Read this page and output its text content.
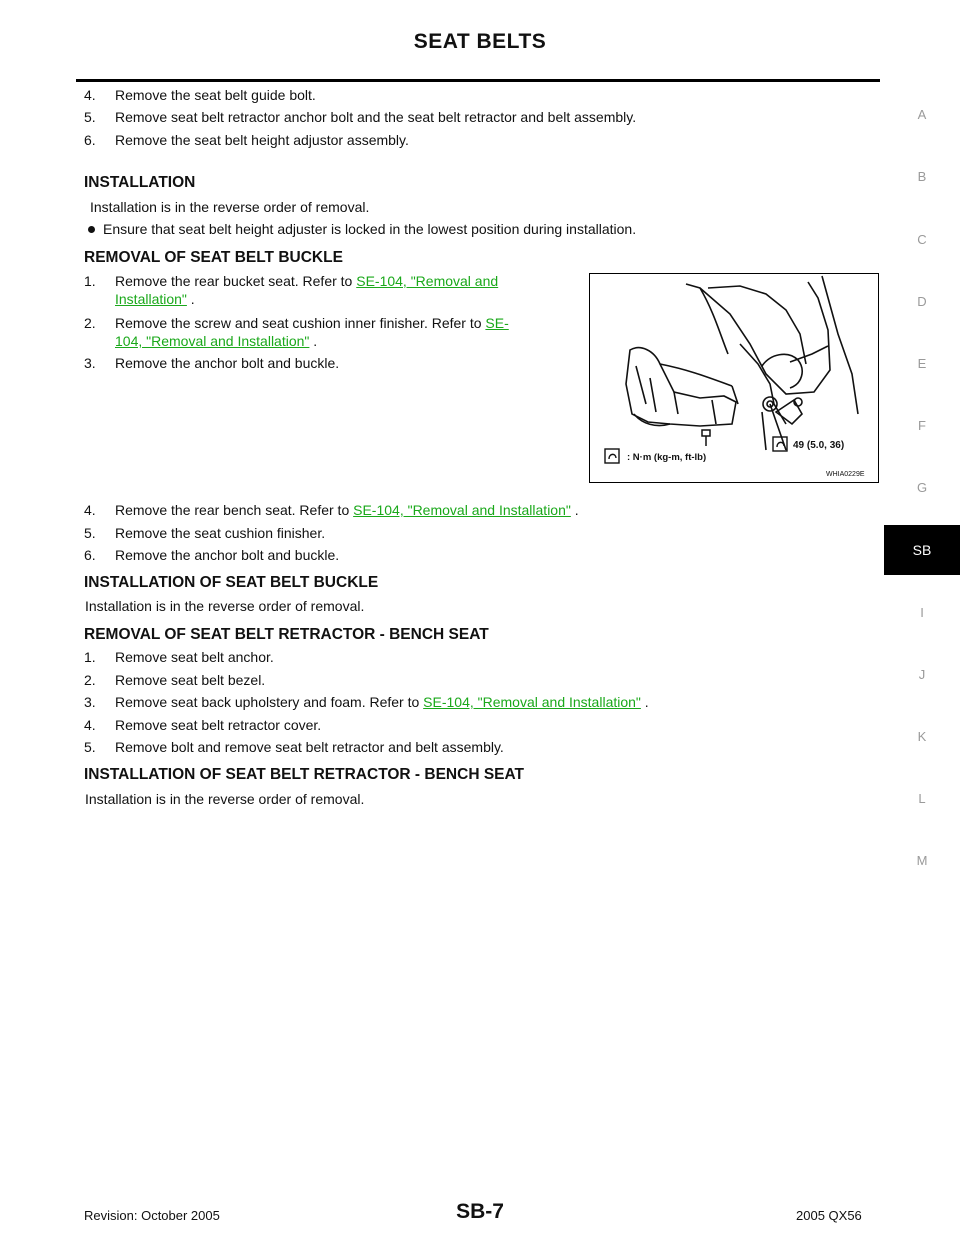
SEAT BELTS
A
B
C
D
E
F
G
SB
I
J
K
L
M
4. Remove the seat belt guide bolt.
5. Remove seat belt retractor anchor bolt and the seat belt retractor and belt assembly.
6. Remove the seat belt height adjustor assembly.
INSTALLATION
Installation is in the reverse order of removal.
Ensure that seat belt height adjuster is locked in the lowest position during installation.
REMOVAL OF SEAT BELT BUCKLE
1. Remove the rear bucket seat. Refer to SE-104, "Removal and
Installation" .
2. Remove the screw and seat cushion inner finisher. Refer to SE-
104, "Removal and Installation" .
3. Remove the anchor bolt and buckle.
49 (5.0, 36)
: N·m (kg-m, ft-lb)
WHIA0229E
4. Remove the rear bench seat. Refer to SE-104, "Removal and Installation" .
5. Remove the seat cushion finisher.
6. Remove the anchor bolt and buckle.
INSTALLATION OF SEAT BELT BUCKLE
Installation is in the reverse order of removal.
REMOVAL OF SEAT BELT RETRACTOR - BENCH SEAT
1. Remove seat belt anchor.
2. Remove seat belt bezel.
3. Remove seat back upholstery and foam. Refer to SE-104, "Removal and Installation" .
4. Remove seat belt retractor cover.
5. Remove bolt and remove seat belt retractor and belt assembly.
INSTALLATION OF SEAT BELT RETRACTOR - BENCH SEAT
Installation is in the reverse order of removal.
Revision: October 2005	SB-7	2005 QX56
